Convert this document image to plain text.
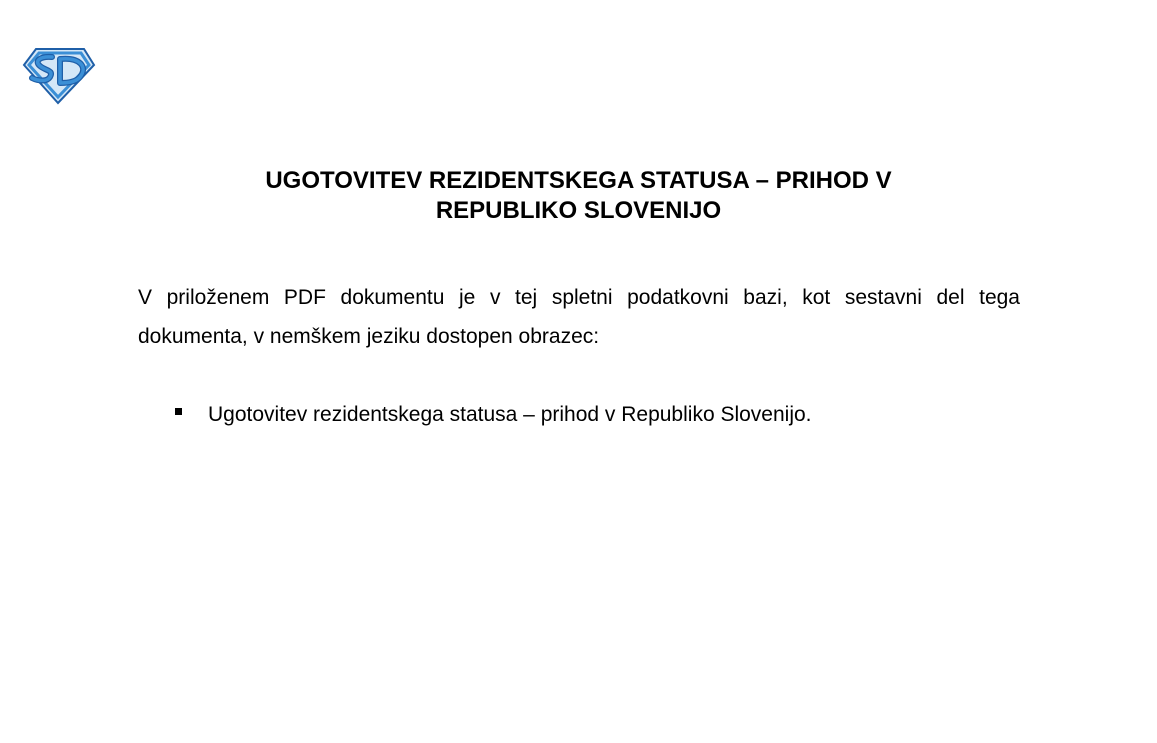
UGOTOVITEV REZIDENTSKEGA STATUSA – PRIHOD V
REPUBLIKO SLOVENIJO
V priloženem PDF dokumentu je v tej spletni podatkovni bazi, kot sestavni del tega
dokumenta, v nemškem jeziku dostopen obrazec:
Ugotovitev rezidentskega statusa – prihod v Republiko Slovenijo.
